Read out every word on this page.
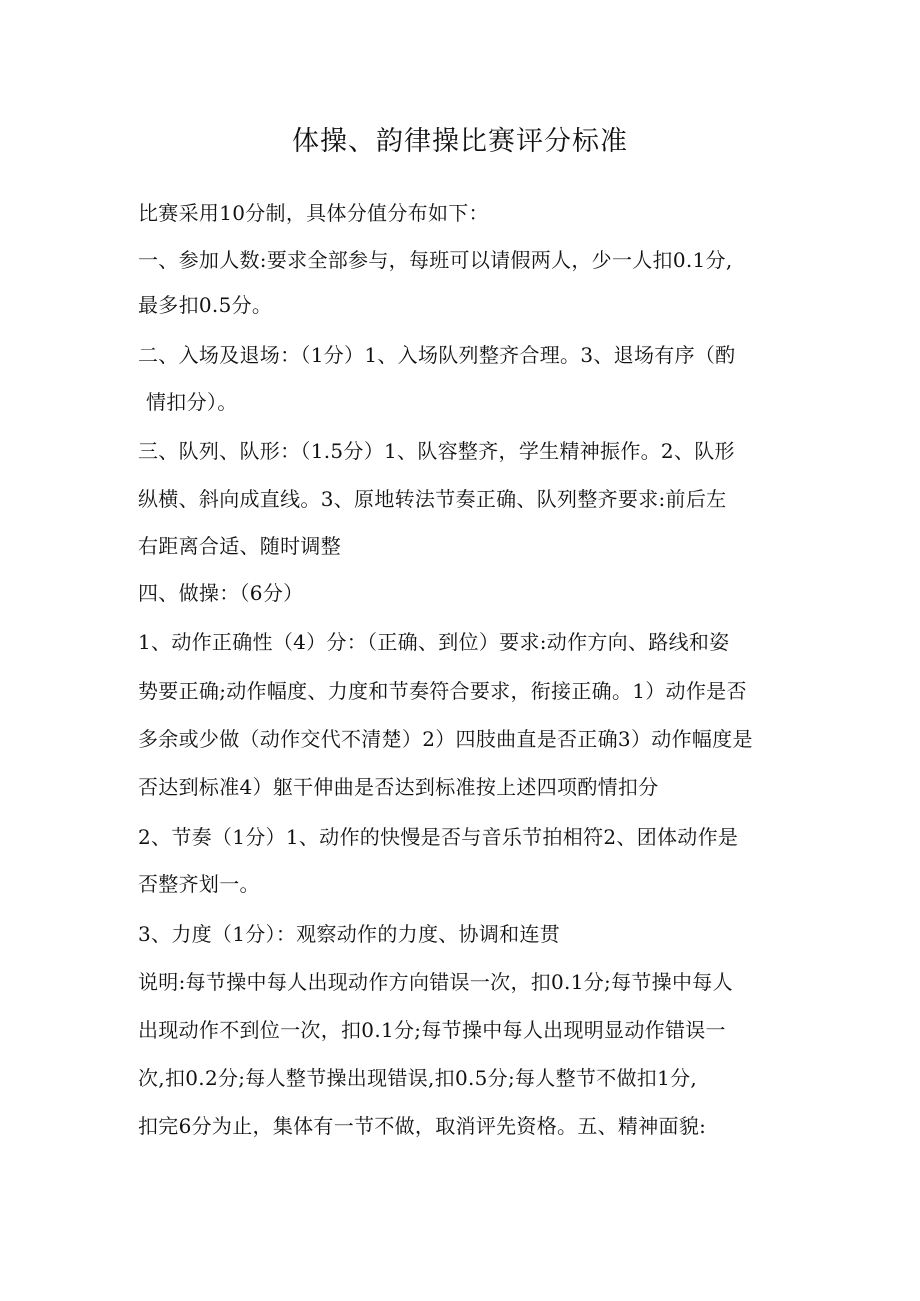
体操、韵律操比赛评分标准
比赛采用10分制，具体分值分布如下：
一、参加人数:要求全部参与，每班可以请假两人，少一人扣0.1分,
最多扣0.5分。
二、入场及退场：（1分）1、入场队列整齐合理。3、退场有序（酌
情扣分）。
三、队列、队形：（1.5分）1、队容整齐，学生精神振作。2、队形
纵横、斜向成直线。3、原地转法节奏正确、队列整齐要求:前后左
右距离合适、随时调整
四、做操：（6分）
1、动作正确性（4）分：（正确、到位）要求:动作方向、路线和姿
势要正确;动作幅度、力度和节奏符合要求，衔接正确。1）动作是否
多余或少做（动作交代不清楚）2）四肢曲直是否正确3）动作幅度是
否达到标准4）躯干伸曲是否达到标准按上述四项酌情扣分
2、节奏（1分）1、动作的快慢是否与音乐节拍相符2、团体动作是
否整齐划一。
3、力度（1分）：观察动作的力度、协调和连贯
说明:每节操中每人出现动作方向错误一次，扣0.1分;每节操中每人
出现动作不到位一次，扣0.1分;每节操中每人出现明显动作错误一
次,扣0.2分;每人整节操出现错误,扣0.5分;每人整节不做扣1分,
扣完6分为止，集体有一节不做，取消评先资格。五、精神面貌:
